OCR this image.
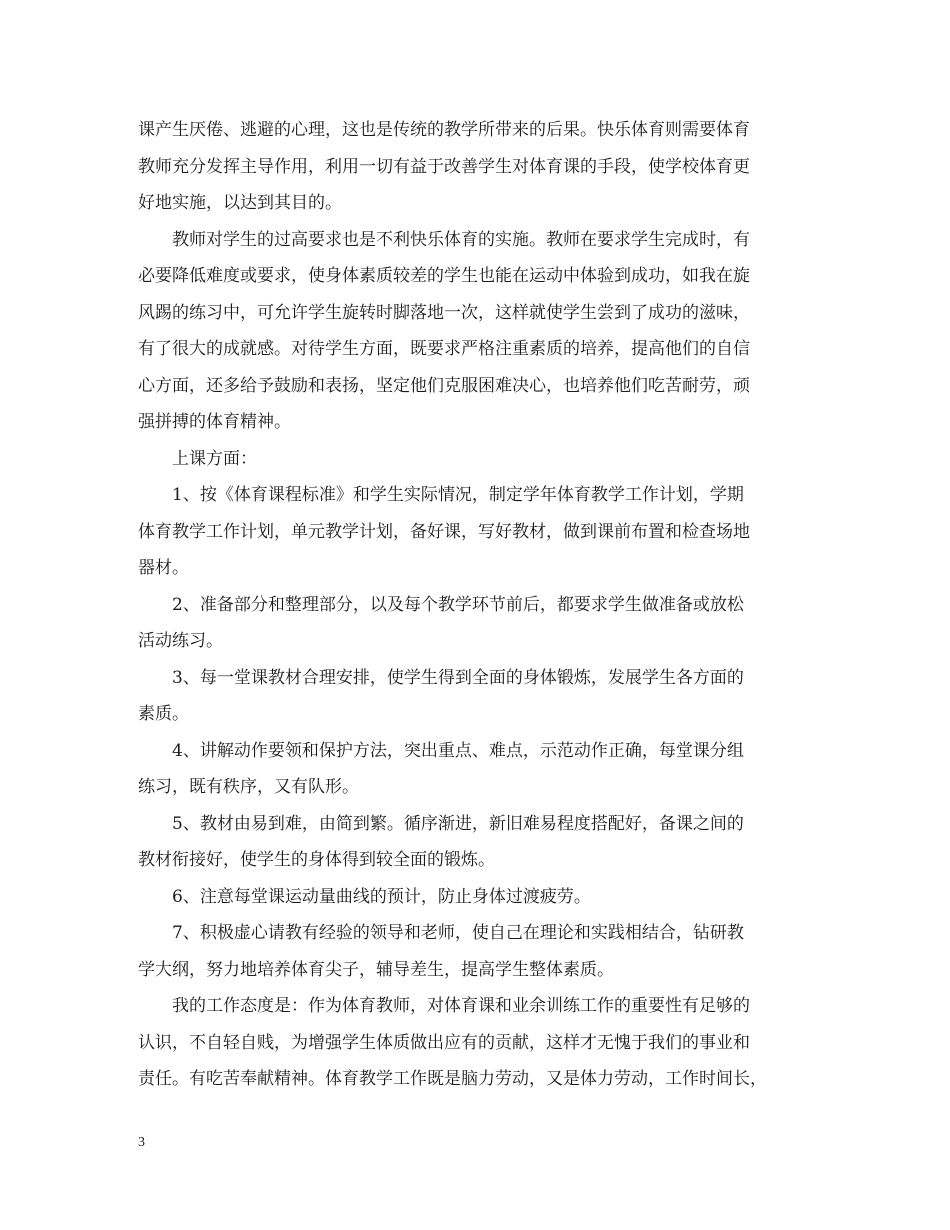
课产生厌倦、逃避的心理，这也是传统的教学所带来的后果。快乐体育则需要体育
教师充分发挥主导作用，利用一切有益于改善学生对体育课的手段，使学校体育更
好地实施，以达到其目的。

教师对学生的过高要求也是不利快乐体育的实施。教师在要求学生完成时，有
必要降低难度或要求，使身体素质较差的学生也能在运动中体验到成功，如我在旋
风踢的练习中，可允许学生旋转时脚落地一次，这样就使学生尝到了成功的滋味，
有了很大的成就感。对待学生方面，既要求严格注重素质的培养，提高他们的自信
心方面，还多给予鼓励和表扬，坚定他们克服困难决心，也培养他们吃苦耐劳，顽
强拼搏的体育精神。

上课方面：

1、按《体育课程标准》和学生实际情况，制定学年体育教学工作计划，学期
体育教学工作计划，单元教学计划，备好课，写好教材，做到课前布置和检查场地
器材。

2、准备部分和整理部分，以及每个教学环节前后，都要求学生做准备或放松
活动练习。

3、每一堂课教材合理安排，使学生得到全面的身体锻炼，发展学生各方面的
素质。

4、讲解动作要领和保护方法，突出重点、难点，示范动作正确，每堂课分组
练习，既有秩序，又有队形。

5、教材由易到难，由简到繁。循序渐进，新旧难易程度搭配好，备课之间的
教材衔接好，使学生的身体得到较全面的锻炼。

6、注意每堂课运动量曲线的预计，防止身体过渡疲劳。

7、积极虚心请教有经验的领导和老师，使自己在理论和实践相结合，钻研教
学大纲，努力地培养体育尖子，辅导差生，提高学生整体素质。

我的工作态度是：作为体育教师，对体育课和业余训练工作的重要性有足够的
认识，不自轻自贱，为增强学生体质做出应有的贡献，这样才无愧于我们的事业和
责任。有吃苦奉献精神。体育教学工作既是脑力劳动，又是体力劳动，工作时间长，

3
